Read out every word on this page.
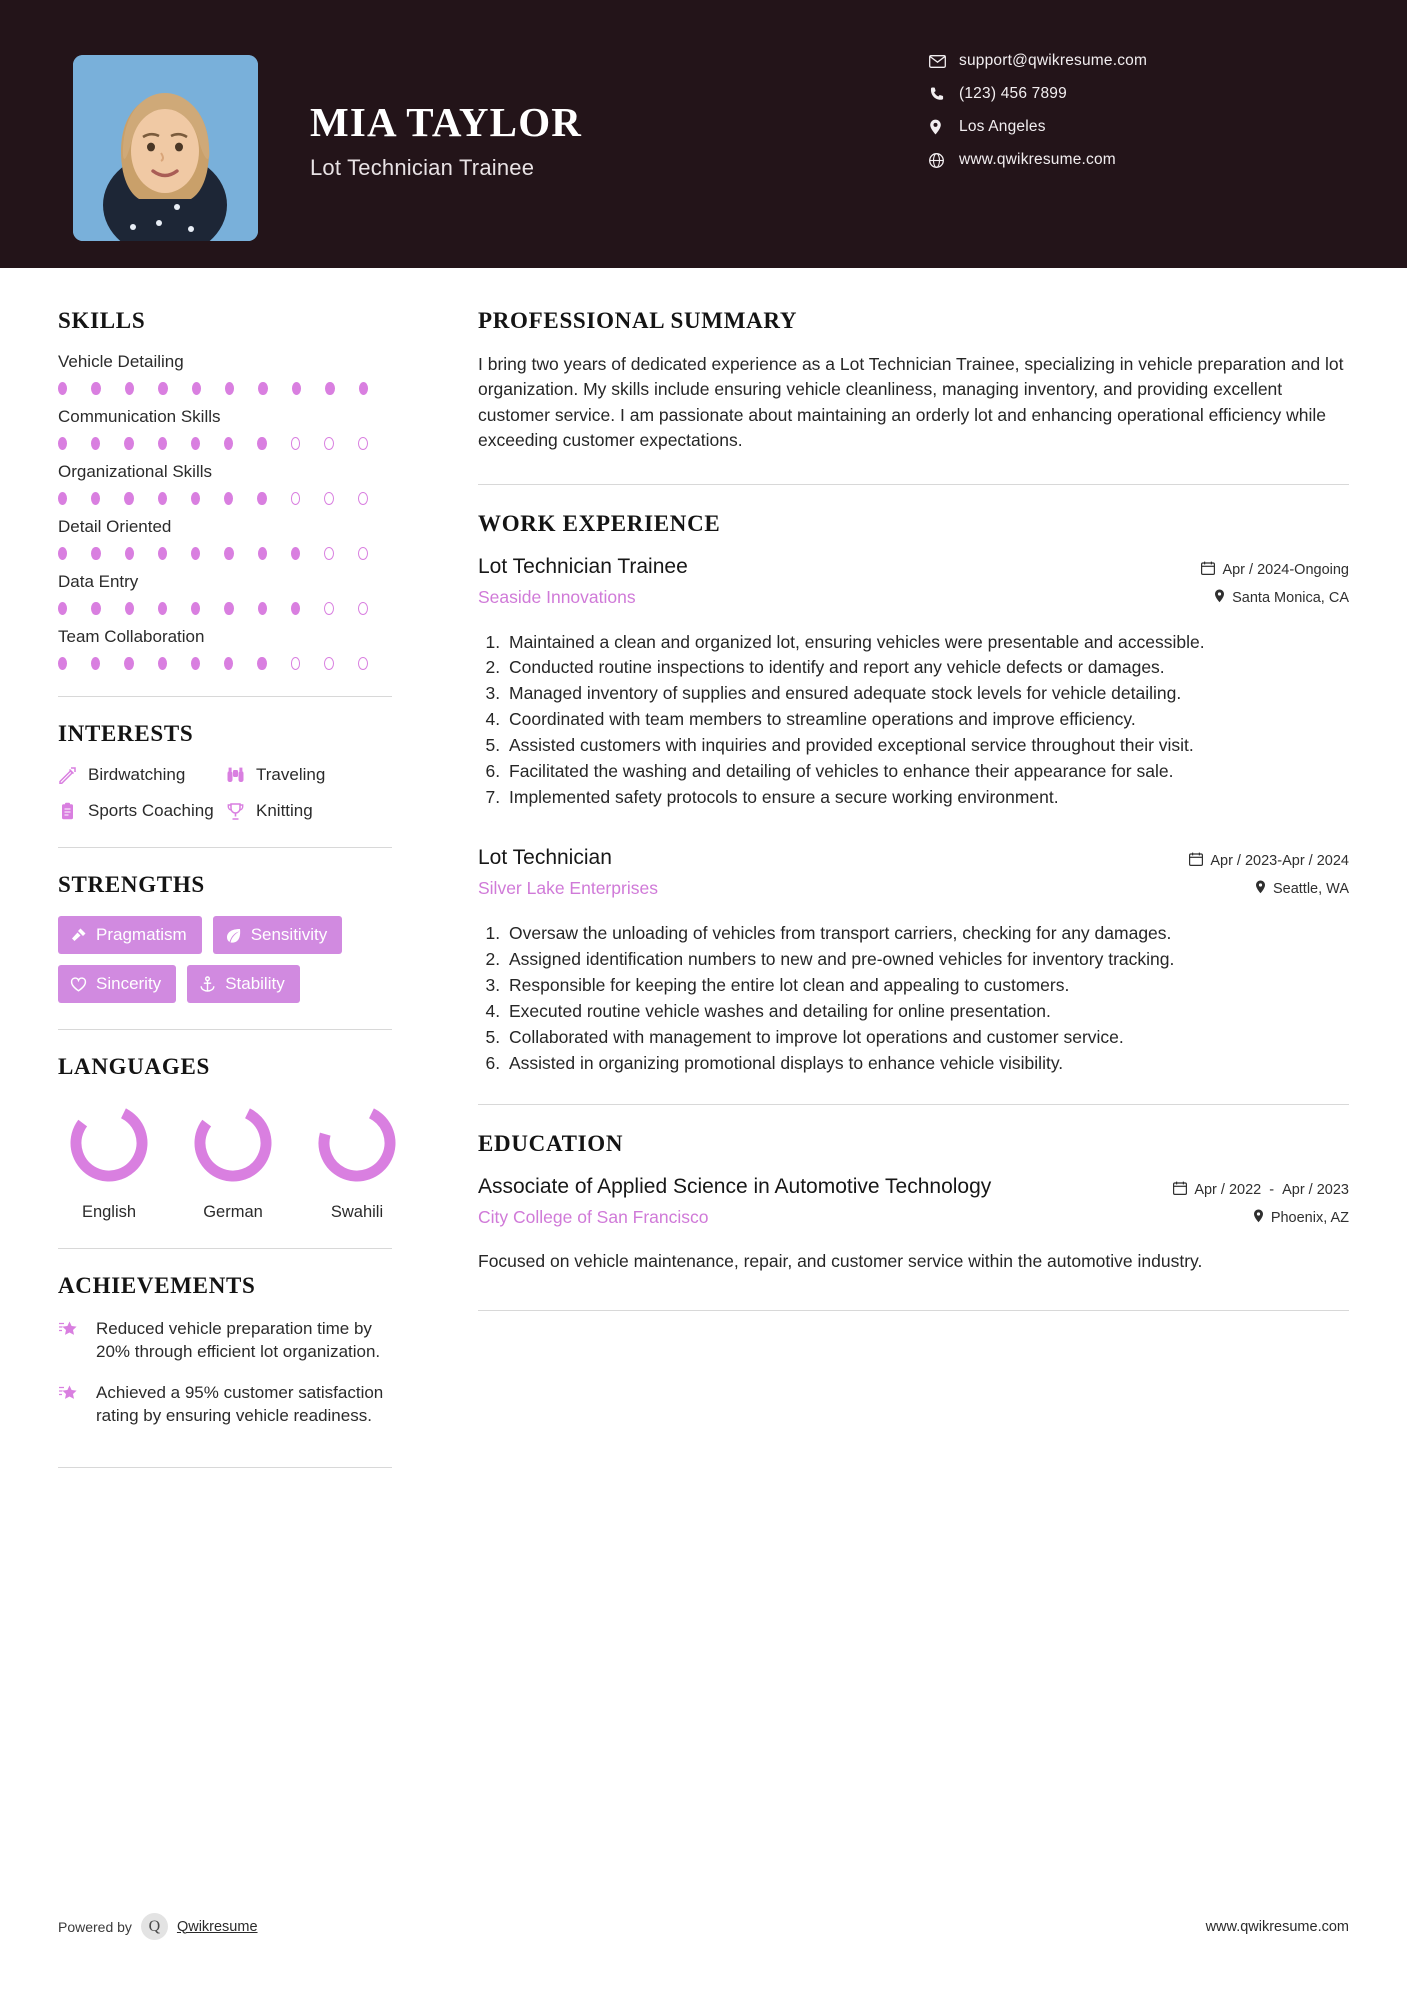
MIA TAYLOR
Lot Technician Trainee
support@qwikresume.com
(123) 456 7899
Los Angeles
www.qwikresume.com
SKILLS
Vehicle Detailing
Communication Skills
Organizational Skills
Detail Oriented
Data Entry
Team Collaboration
INTERESTS
Birdwatching	Traveling
Sports Coaching Knitting
STRENGTHS
Pragmatism	Sensitivity
Sincerity	Stability
LANGUAGES
English	German	Swahili
ACHIEVEMENTS
Reduced vehicle preparation time by 20% through efficient lot organization.
Achieved a 95% customer satisfaction rating by ensuring vehicle readiness.
PROFESSIONAL SUMMARY
I bring two years of dedicated experience as a Lot Technician Trainee, specializing in vehicle preparation and lot organization. My skills include ensuring vehicle cleanliness, managing inventory, and providing excellent customer service. I am passionate about maintaining an orderly lot and enhancing operational efficiency while exceeding customer expectations.
WORK EXPERIENCE
Lot Technician Trainee
Seaside Innovations
Apr / 2024-Ongoing
Santa Monica, CA
1. Maintained a clean and organized lot, ensuring vehicles were presentable and accessible.
2. Conducted routine inspections to identify and report any vehicle defects or damages.
3. Managed inventory of supplies and ensured adequate stock levels for vehicle detailing.
4. Coordinated with team members to streamline operations and improve efficiency.
5. Assisted customers with inquiries and provided exceptional service throughout their visit.
6. Facilitated the washing and detailing of vehicles to enhance their appearance for sale.
7. Implemented safety protocols to ensure a secure working environment.
Lot Technician
Silver Lake Enterprises
Apr / 2023-Apr / 2024
Seattle, WA
1. Oversaw the unloading of vehicles from transport carriers, checking for any damages.
2. Assigned identification numbers to new and pre-owned vehicles for inventory tracking.
3. Responsible for keeping the entire lot clean and appealing to customers.
4. Executed routine vehicle washes and detailing for online presentation.
5. Collaborated with management to improve lot operations and customer service.
6. Assisted in organizing promotional displays to enhance vehicle visibility.
EDUCATION
Associate of Applied Science in Automotive Technology
City College of San Francisco
Apr / 2022 - Apr / 2023
Phoenix, AZ
Focused on vehicle maintenance, repair, and customer service within the automotive industry.
Powered by	Q	Qwikresume	www.qwikresume.com
